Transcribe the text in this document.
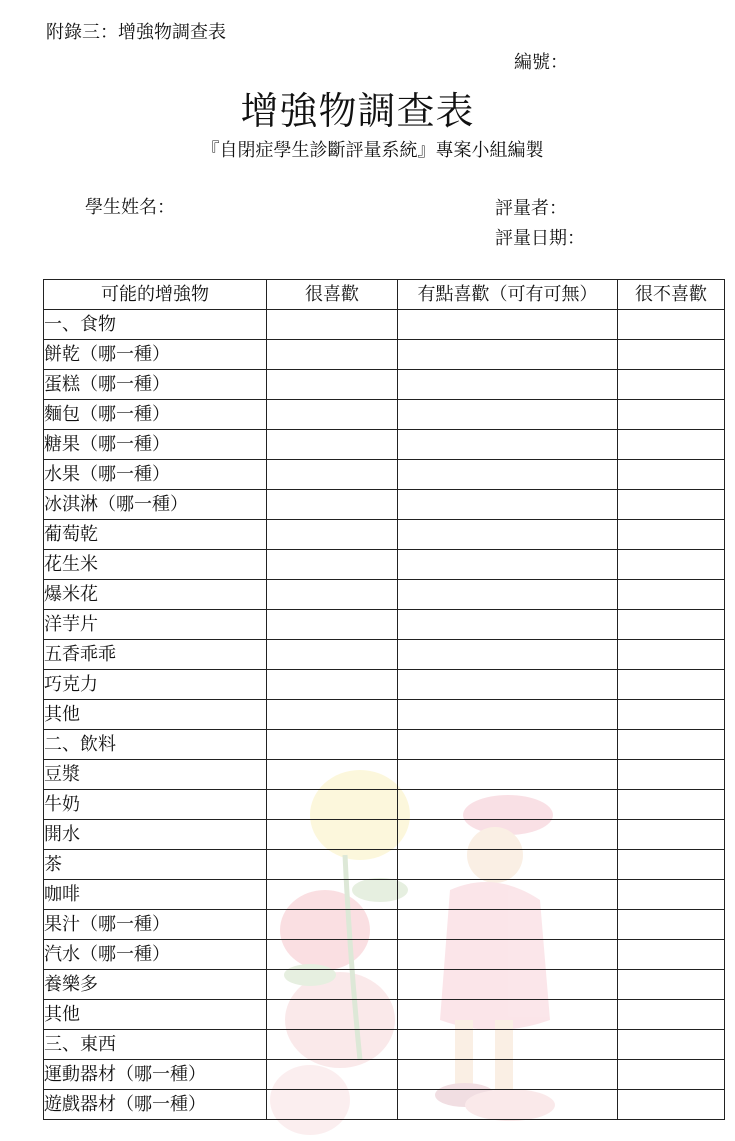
附錄三：增強物調查表
編號：
增強物調查表
『自閉症學生診斷評量系統』專案小組編製
學生姓名：	評量者：
評量日期：
可能的增強物	很喜歡	有點喜歡（可有可無）	很不喜歡
一、食物			
餅乾（哪一種）			
蛋糕（哪一種）			
麵包（哪一種）			
糖果（哪一種）			
水果（哪一種）			
冰淇淋（哪一種）			
葡萄乾			
花生米			
爆米花			
洋芋片			
五香乖乖			
巧克力			
其他			
二、飲料			
豆漿			
牛奶			
開水			
茶			
咖啡			
果汁（哪一種）			
汽水（哪一種）			
養樂多			
其他			
三、東西			
運動器材（哪一種）			
遊戲器材（哪一種）			
